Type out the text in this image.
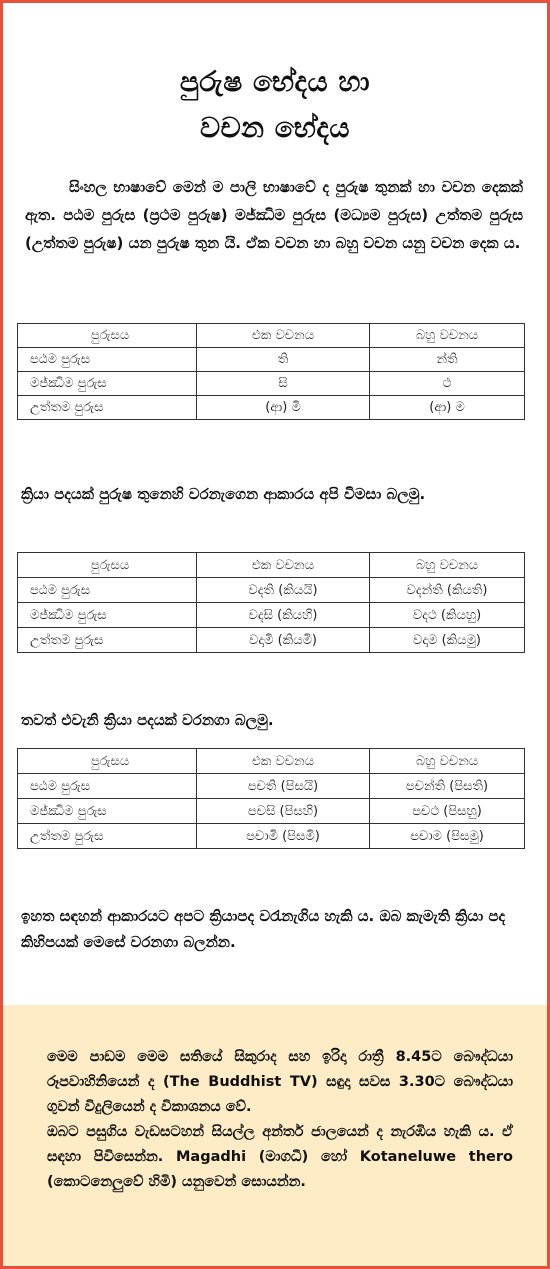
පුරුෂ භේදය හා
වචන භේදය
සිංහල භාෂාවේ මෙන් ම පාලි භාෂාවේ ද පුරුෂ තුනක් හා වචන දෙකක් ඇත. පඨම පුරුස (ප්‍රථම පුරුෂ) මජ්ඣිම පුරුස (මධ්‍යම පුරුස) උත්තම පුරුස (උත්තම පුරුෂ) යන පුරුෂ තුන යි. ඒක වචන හා බහු වචන යනු වචන දෙක ය.
පුරුසය	එක වචනය	බහු වචනය
පඨම පුරුස	ති	න්ති
මජ්ඣිම පුරුස	සි	ථ
උත්තම පුරුස	(ආ) මි	(ආ) ම
ක්‍රියා පදයක් පුරුෂ තුනෙහි වරනැගෙන ආකාරය අපි විමසා බලමු.
පුරුසය	එක වචනය	බහු වචනය
පඨම පුරුස	වදති (කියයි)	වදන්ති (කියති)
මජ්ඣිම පුරුස	වදසි (කියහි)	වදථ (කියහු)
උත්තම පුරුස	වදාමි (කියමි)	වදාම (කියමු)
තවත් එවැනි ක්‍රියා පදයක් වරනගා බලමු.
පුරුසය	එක වචනය	බහු වචනය
පඨම පුරුස	පචති (පිසයි)	පචන්ති (පිසති)
මජ්ඣිම පුරුස	පචසි (පිසහි)	පචථ (පිසහු)
උත්තම පුරුස	පචාමි (පිසමි)	පචාම (පිසමු)
ඉහත සඳහන් ආකාරයට අපට ක්‍රියාපද වරැනැගිය හැකි ය. ඔබ කැමැති ක්‍රියා පද කිහිපයක් මෙසේ වරනගා බලන්න.

මෙම පාඩම මෙම සතියේ සිකුරාද සහ ඉරිදා රාත්‍රී 8.45ට බෞද්ධයා රූපවාහිනියෙන් ද (The Buddhist TV) සඳුදා සවස 3.30ට බෞද්ධයා ගුවන් විදුලියෙන් ද විකාශනය වේ.

ඔබට පසුගිය වැඩසටහන් සියල්ල අන්තර් ජාලයෙන් ද නැරඹිය හැකි ය. ඒ සඳහා පිවිසෙන්න. Magadhi (මාගධී) හෝ Kotaneluwe thero (කොටනෙලුවේ හිමි) යනුවෙන් සොයන්න.
